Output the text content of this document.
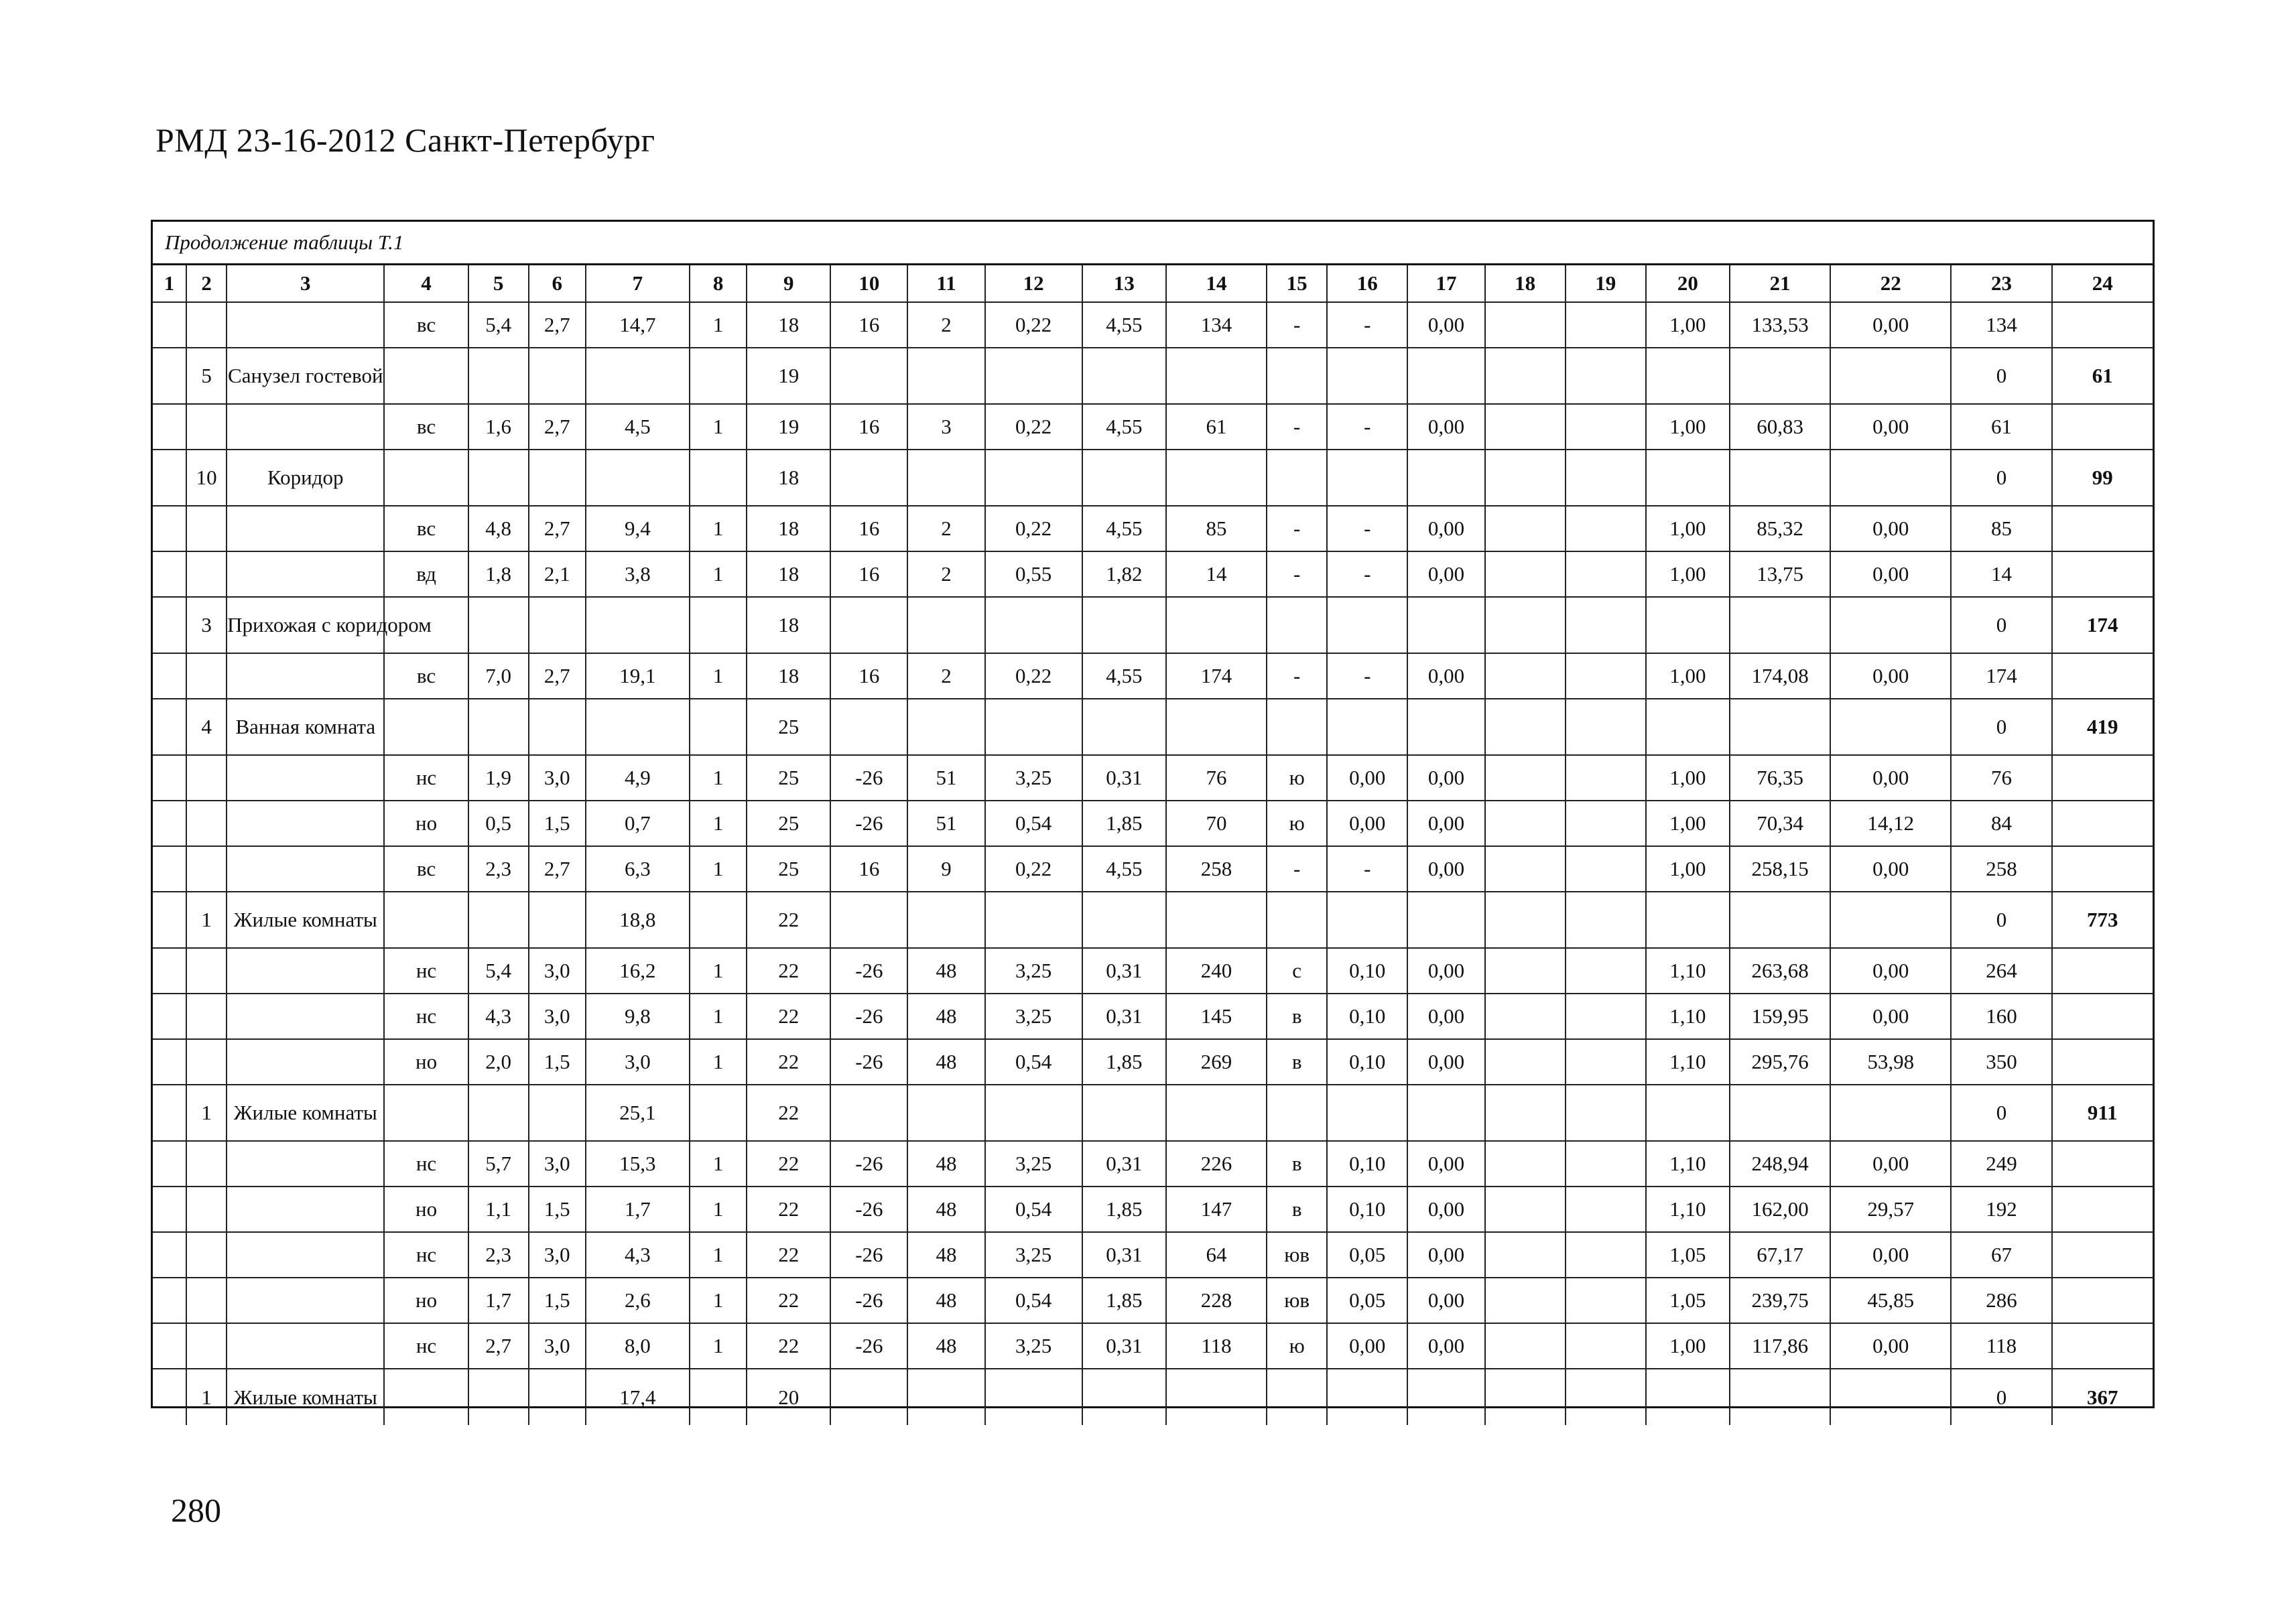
РМД 23-16-2012 Санкт-Петербург
Продолжение таблицы Т.1
1	2	3	4	5	6	7	8	9	10	11	12	13	14	15	16	17	18	19	20	21	22	23	24
			вс	5,4	2,7	14,7	1	18	16	2	0,22	4,55	134	-	-	0,00			1,00	133,53	0,00	134	
	5	Санузел гостевой						19														0	61
			вс	1,6	2,7	4,5	1	19	16	3	0,22	4,55	61	-	-	0,00			1,00	60,83	0,00	61	
	10	Коридор						18														0	99
			вс	4,8	2,7	9,4	1	18	16	2	0,22	4,55	85	-	-	0,00			1,00	85,32	0,00	85	
			вд	1,8	2,1	3,8	1	18	16	2	0,55	1,82	14	-	-	0,00			1,00	13,75	0,00	14	
	3	Прихожая с коридором						18														0	174
			вс	7,0	2,7	19,1	1	18	16	2	0,22	4,55	174	-	-	0,00			1,00	174,08	0,00	174	
	4	Ванная комната						25														0	419
			нс	1,9	3,0	4,9	1	25	-26	51	3,25	0,31	76	ю	0,00	0,00			1,00	76,35	0,00	76	
			но	0,5	1,5	0,7	1	25	-26	51	0,54	1,85	70	ю	0,00	0,00			1,00	70,34	14,12	84	
			вс	2,3	2,7	6,3	1	25	16	9	0,22	4,55	258	-	-	0,00			1,00	258,15	0,00	258	
	1	Жилые комнаты				18,8		22														0	773
			нс	5,4	3,0	16,2	1	22	-26	48	3,25	0,31	240	с	0,10	0,00			1,10	263,68	0,00	264	
			нс	4,3	3,0	9,8	1	22	-26	48	3,25	0,31	145	в	0,10	0,00			1,10	159,95	0,00	160	
			но	2,0	1,5	3,0	1	22	-26	48	0,54	1,85	269	в	0,10	0,00			1,10	295,76	53,98	350	
	1	Жилые комнаты				25,1		22														0	911
			нс	5,7	3,0	15,3	1	22	-26	48	3,25	0,31	226	в	0,10	0,00			1,10	248,94	0,00	249	
			но	1,1	1,5	1,7	1	22	-26	48	0,54	1,85	147	в	0,10	0,00			1,10	162,00	29,57	192	
			нс	2,3	3,0	4,3	1	22	-26	48	3,25	0,31	64	юв	0,05	0,00			1,05	67,17	0,00	67	
			но	1,7	1,5	2,6	1	22	-26	48	0,54	1,85	228	юв	0,05	0,00			1,05	239,75	45,85	286	
			нс	2,7	3,0	8,0	1	22	-26	48	3,25	0,31	118	ю	0,00	0,00			1,00	117,86	0,00	118	
	1	Жилые комнаты				17,4		20														0	367
280
